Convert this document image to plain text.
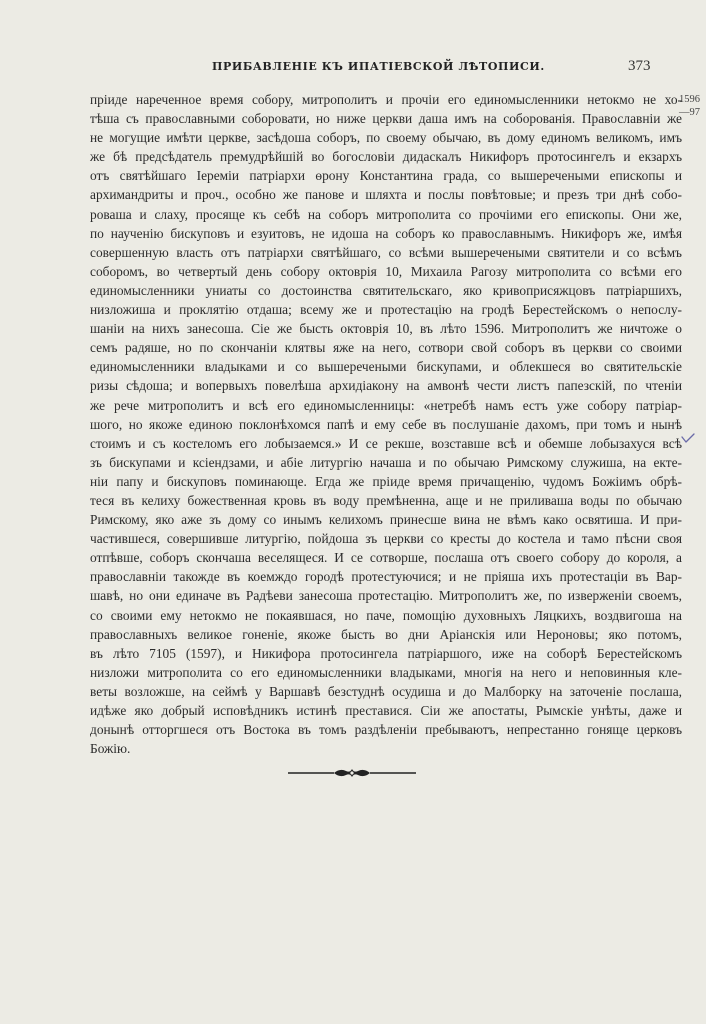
ПРИБАВЛЕНІЕ КЪ ИПАТІЕВСКОЙ ЛѢТОПИСИ.	373
1596
—97
пріиде нареченное время собору, митрополитъ и прочіи его единомысленники нетокмо не хо-
тѣша съ православными соборовати, но ниже церкви даша имъ на соборованія. Православніи же
не могущие имѣти церкве, засѣдоша соборъ, по своему обычаю, въ дому единомъ великомъ, имъ
же бѣ предсѣдатель премудрѣйшій во богословіи дидаскалъ Никифоръ протосингелъ и екзархъ
отъ святѣйшаго Іереміи патріархи ѳрону Константина града, со вышеречеными епископы и
архимандриты и проч., особно же панове и шляхта и послы повѣтовые; и презъ три днѣ собо-
роваша и слаху, просяще къ себѣ на соборъ митрополита со прочіими его епископы. Они же,
по наученію бискуповъ и езуитовъ, не идоша на соборъ ко православнымъ. Никифоръ же, имѣя
совершенную власть отъ патріархи святѣйшаго, со всѣми вышеречеными святители и со всѣмъ
соборомъ, во четвертый день собору октоврія 10, Михаила Рагозу митрополита со всѣми его
единомысленники униаты со достоинства святительскаго, яко кривоприсяжцовъ патріаршихъ,
низложиша и проклятію отдаша; всему же и протестацію на гродѣ Берестейскомъ о непослу-
шаніи на нихъ занесоша. Сіе же бысть октоврія 10, въ лѣто 1596. Митрополитъ же ничтоже о
семъ радяше, но по скончаніи клятвы яже на него, сотвори свой соборъ въ церкви со своими
единомысленники владыками и со вышеречеными бискупами, и облекшеся во святительскіе
ризы сѣдоша; и вопервыхъ повелѣша архидіакону на амвонѣ чести листъ папезскій, по чтеніи
же рече митрополитъ и всѣ его единомысленницы: «нетребѣ намъ естъ уже собору патріар-
шого, но якоже единою поклонѣхомся папѣ и ему себе въ послушаніе дахомъ, при томъ и нынѣ
стоимъ и съ костеломъ его лобызаемся.» И се рекше, возставше всѣ и обемше лобызахуся всѣ
зъ бискупами и ксіендзами, и абіе литургію начаша и по обычаю Римскому служиша, на екте-
ніи папу и бискуповъ поминающе. Егда же пріиде время причащенію, чудомъ Божіимъ обрѣ-
теся въ келиху божественная кровь въ воду премѣненна, аще и не приливаша воды по обычаю
Римскому, яко аже зъ дому со инымъ келихомъ принесше вина не вѣмъ како освятиша. И при-
частившеся, совершивше литургію, пойдоша зъ церкви со кресты до костела и тамо пѣсни своя
отпѣвше, соборъ скончаша веселящеся. И се сотворше, послаша отъ своего собору до короля, а
православніи такожде въ коемждо городѣ протестуючися; и не пріяша ихъ протестаціи въ Вар-
шавѣ, но они единаче въ Радѣеви занесоша протестацію. Митрополитъ же, по изверженіи своемъ,
со своими ему нетокмо не покаявшася, но паче, помощію духовныхъ Ляцкихъ, воздвигоша на
православныхъ великое гоненіе, якоже бысть во дни Аріанскія или Нероновы; яко потомъ,
въ лѣто 7105 (1597), и Никифора протосингела патріаршого, иже на соборѣ Берестейскомъ
низложи митрополита со его единомысленники владыками, многія на него и неповинныя кле-
веты возложше, на сеймѣ у Варшавѣ безстуднѣ осудиша и до Малборку на заточеніе послаша,
идѣже яко добрый исповѣдникъ истинѣ преставися. Сіи же апостаты, Рымскіе унѣты, даже и
донынѣ отторгшеся отъ Востока въ томъ раздѣленіи пребываютъ, непрестанно гоняще церковъ
Божію.
